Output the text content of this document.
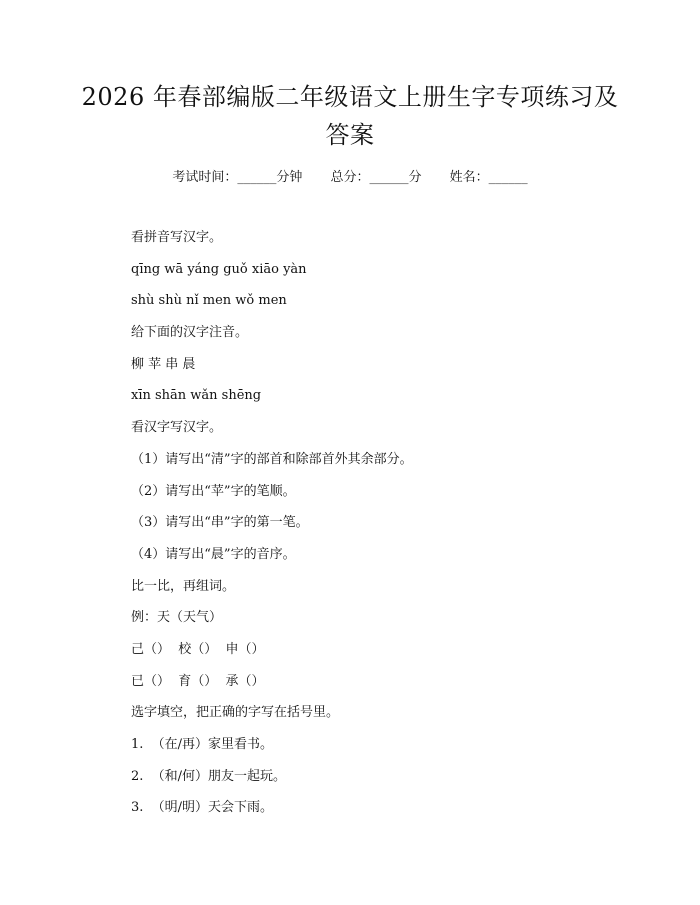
2026 年春部编版二年级语文上册生字专项练习及答案
考试时间：______分钟 总分：______分 姓名：______
看拼音写汉字。
qīng wā yáng guǒ xiāo yàn
shù shù nǐ men wǒ men
给下面的汉字注音。
柳 苹 串 晨
xīn shān wǎn shēng
看汉字写汉字。
（1）请写出“清”字的部首和除部首外其余部分。
（2）请写出“苹”字的笔顺。
（3）请写出“串”字的第一笔。
（4）请写出“晨”字的音序。
比一比，再组词。
例：天（天气）
己（）  校（）  申（）
已（）  育（）  承（）
选字填空，把正确的字写在括号里。
1.  （在/再）家里看书。
2.  （和/何）朋友一起玩。
3.  （明/明）天会下雨。
